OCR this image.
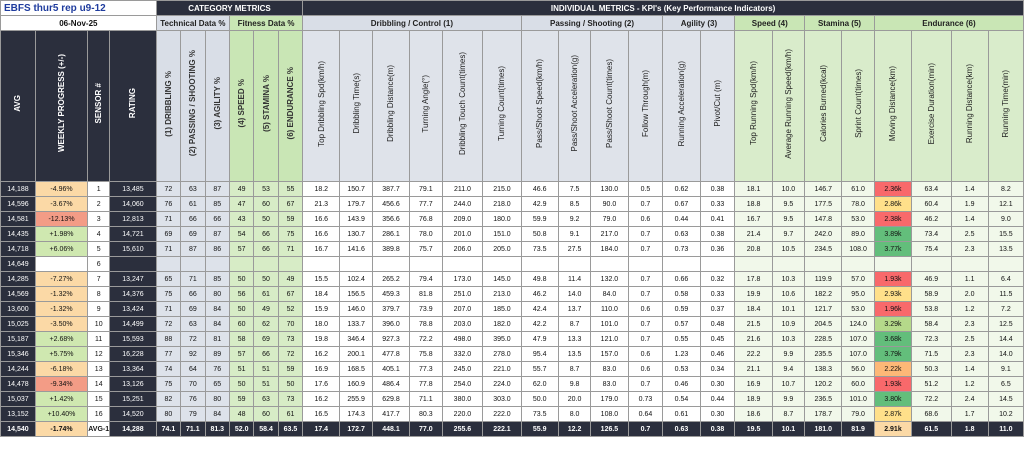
EBFS thur5 rep u9-12				CATEGORY METRICS						INDIVIDUAL METRICS - KPI's (Key Performance Indicators)																			
06-Nov-25				Technical Data %			Fitness Data %			Dribbling / Control (1)						Passing / Shooting (2)				Agility (3)		Speed (4)		Stamina (5)		Endurance (6)			
AVG	WEEKLY PROGRESS (+/-)	SENSOR #	RATING	(1) DRIBBLING %	(2) PASSING / SHOOTING %	(3) AGILITY %	(4) SPEED %	(5) STAMINA %	(6) ENDURANCE %	Top Dribbling Spd(km/h)	Dribbling Time(s)	Dribbling Distance(m)	Turning Angle(°)	Dribbling Touch Count(times)	Turning Count(times)	Pass/Shoot Speed(km/h)	Pass/Shoot Acceleration(g)	Pass/Shoot Count(times)	Follow Through(m)	Running Acceleration(g)	Pivot/Cut (m)	Top Running Spd(km/h)	Average Running Speed(km/h)	Calories Burned(kcal)	Sprint Count(times)	Moving Distance(km)	Exercise Duration(min)	Running Distance(km)	Running Time(min)
14,188	-4.96%	1	13,485	72	63	87	49	53	55	18.2	150.7	387.7	79.1	211.0	215.0	46.6	7.5	130.0	0.5	0.62	0.38	18.1	10.0	146.7	61.0	2.36k	63.4	1.4	8.2
14,596	-3.67%	2	14,060	76	61	85	47	60	67	21.3	179.7	456.6	77.7	244.0	218.0	42.9	8.5	90.0	0.7	0.67	0.33	18.8	9.5	177.5	78.0	2.86k	60.4	1.9	12.1
14,581	-12.13%	3	12,813	71	66	66	43	50	59	16.6	143.9	356.6	76.8	209.0	180.0	59.9	9.2	79.0	0.6	0.44	0.41	16.7	9.5	147.8	53.0	2.38k	46.2	1.4	9.0
14,435	+1.98%	4	14,721	69	69	87	54	66	75	16.6	130.7	286.1	78.0	201.0	151.0	50.8	9.1	217.0	0.7	0.63	0.38	21.4	9.7	242.0	89.0	3.89k	73.4	2.5	15.5
14,718	+6.06%	5	15,610	71	87	86	57	66	71	16.7	141.6	389.8	75.7	206.0	205.0	73.5	27.5	184.0	0.7	0.73	0.36	20.8	10.5	234.5	108.0	3.77k	75.4	2.3	13.5
14,649		6																											
14,285	-7.27%	7	13,247	65	71	85	50	50	49	15.5	102.4	265.2	79.4	173.0	145.0	49.8	11.4	132.0	0.7	0.66	0.32	17.8	10.3	119.9	57.0	1.93k	46.9	1.1	6.4
14,569	-1.32%	8	14,376	75	66	80	56	61	67	18.4	156.5	459.3	81.8	251.0	213.0	46.2	14.0	84.0	0.7	0.58	0.33	19.9	10.6	182.2	95.0	2.93k	58.9	2.0	11.5
13,600	-1.32%	9	13,424	71	69	84	50	49	52	15.9	146.0	379.7	73.9	207.0	185.0	42.4	13.7	110.0	0.6	0.59	0.37	18.4	10.1	121.7	53.0	1.96k	53.8	1.2	7.2
15,025	-3.50%	10	14,499	72	63	84	60	62	70	18.0	133.7	396.0	78.8	203.0	182.0	42.2	8.7	101.0	0.7	0.57	0.48	21.5	10.9	204.5	124.0	3.29k	58.4	2.3	12.5
15,187	+2.68%	11	15,593	88	72	81	58	69	73	19.8	346.4	927.3	72.2	498.0	395.0	47.9	13.3	121.0	0.7	0.55	0.45	21.6	10.3	228.5	107.0	3.68k	72.3	2.5	14.4
15,346	+5.75%	12	16,228	77	92	89	57	66	72	16.2	200.1	477.8	75.8	332.0	278.0	95.4	13.5	157.0	0.6	1.23	0.46	22.2	9.9	235.5	107.0	3.79k	71.5	2.3	14.0
14,244	-6.18%	13	13,364	74	64	76	51	51	59	16.9	168.5	405.1	77.3	245.0	221.0	55.7	8.7	83.0	0.6	0.53	0.34	21.1	9.4	138.3	56.0	2.22k	50.3	1.4	9.1
14,478	-9.34%	14	13,126	75	70	65	50	51	50	17.6	160.9	486.4	77.8	254.0	224.0	62.0	9.8	83.0	0.7	0.46	0.30	16.9	10.7	120.2	60.0	1.93k	51.2	1.2	6.5
15,037	+1.42%	15	15,251	82	76	80	59	63	73	16.2	255.9	629.8	71.1	380.0	303.0	50.0	20.0	179.0	0.73	0.54	0.44	18.9	9.9	236.5	101.0	3.80k	72.2	2.4	14.5
13,152	+10.40%	16	14,520	80	79	84	48	60	61	16.5	174.3	417.7	80.3	220.0	222.0	73.5	8.0	108.0	0.64	0.61	0.30	18.6	8.7	178.7	79.0	2.87k	68.6	1.7	10.2
14,540	-1.74%	AVG-1	14,288	74.1	71.1	81.3	52.0	58.4	63.5	17.4	172.7	448.1	77.0	255.6	222.1	55.9	12.2	126.5	0.7	0.63	0.38	19.5	10.1	181.0	81.9	2.91k	61.5	1.8	11.0
